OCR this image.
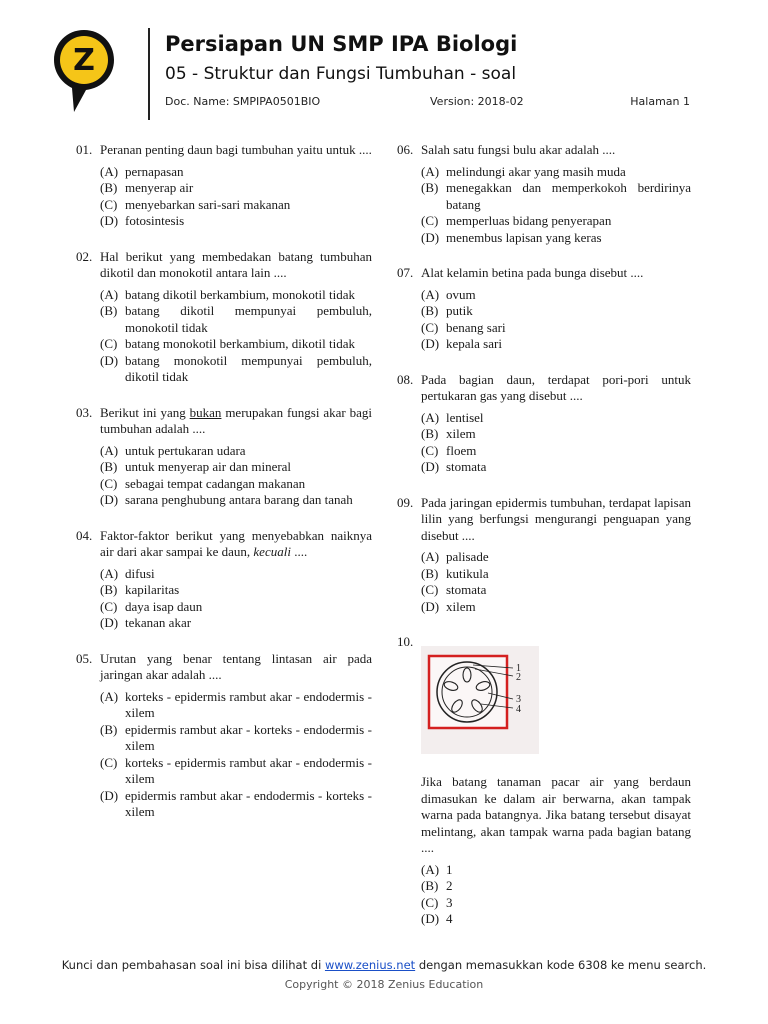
Z	Persiapan UN SMP IPA Biologi
05 - Struktur dan Fungsi Tumbuhan - soal
Doc. Name: SMPIPA0501BIO	Version: 2018-02	Halaman 1
01. Peranan penting daun bagi tumbuhan yaitu untuk ....
(A) pernapasan
(B) menyerap air
(C) menyebarkan sari-sari makanan
(D) fotosintesis
02. Hal berikut yang membedakan batang tumbuhan dikotil dan monokotil antara lain ....
(A) batang dikotil berkambium, monokotil tidak
(B) batang dikotil mempunyai pembuluh, monokotil tidak
(C) batang monokotil berkambium, dikotil tidak
(D) batang monokotil mempunyai pembuluh, dikotil tidak
03. Berikut ini yang bukan merupakan fungsi akar bagi tumbuhan adalah ....
(A) untuk pertukaran udara
(B) untuk menyerap air dan mineral
(C) sebagai tempat cadangan makanan
(D) sarana penghubung antara barang dan tanah
04. Faktor-faktor berikut yang menyebabkan naiknya air dari akar sampai ke daun, kecuali ....
(A) difusi
(B) kapilaritas
(C) daya isap daun
(D) tekanan akar
05. Urutan yang benar tentang lintasan air pada jaringan akar adalah ....
(A) korteks - epidermis rambut akar - endodermis - xilem
(B) epidermis rambut akar - korteks - endodermis - xilem
(C) korteks - epidermis rambut akar - endodermis - xilem
(D) epidermis rambut akar - endodermis - korteks - xilem
06. Salah satu fungsi bulu akar adalah ....
(A) melindungi akar yang masih muda
(B) menegakkan dan memperkokoh berdirinya batang
(C) memperluas bidang penyerapan
(D) menembus lapisan yang keras
07. Alat kelamin betina pada bunga disebut ....
(A) ovum
(B) putik
(C) benang sari
(D) kepala sari
08. Pada bagian daun, terdapat pori-pori untuk pertukaran gas yang disebut ....
(A) lentisel
(B) xilem
(C) floem
(D) stomata
09. Pada jaringan epidermis tumbuhan, terdapat lapisan lilin yang berfungsi mengurangi penguapan yang disebut ....
(A) palisade
(B) kutikula
(C) stomata
(D) xilem
10.
1
2
3
4
Jika batang tanaman pacar air yang berdaun dimasukan ke dalam air berwarna, akan tampak warna pada batangnya. Jika batang tersebut disayat melintang, akan tampak warna pada bagian batang ....
(A) 1
(B) 2
(C) 3
(D) 4
Kunci dan pembahasan soal ini bisa dilihat di www.zenius.net dengan memasukkan kode 6308 ke menu search.
Copyright © 2018 Zenius Education
